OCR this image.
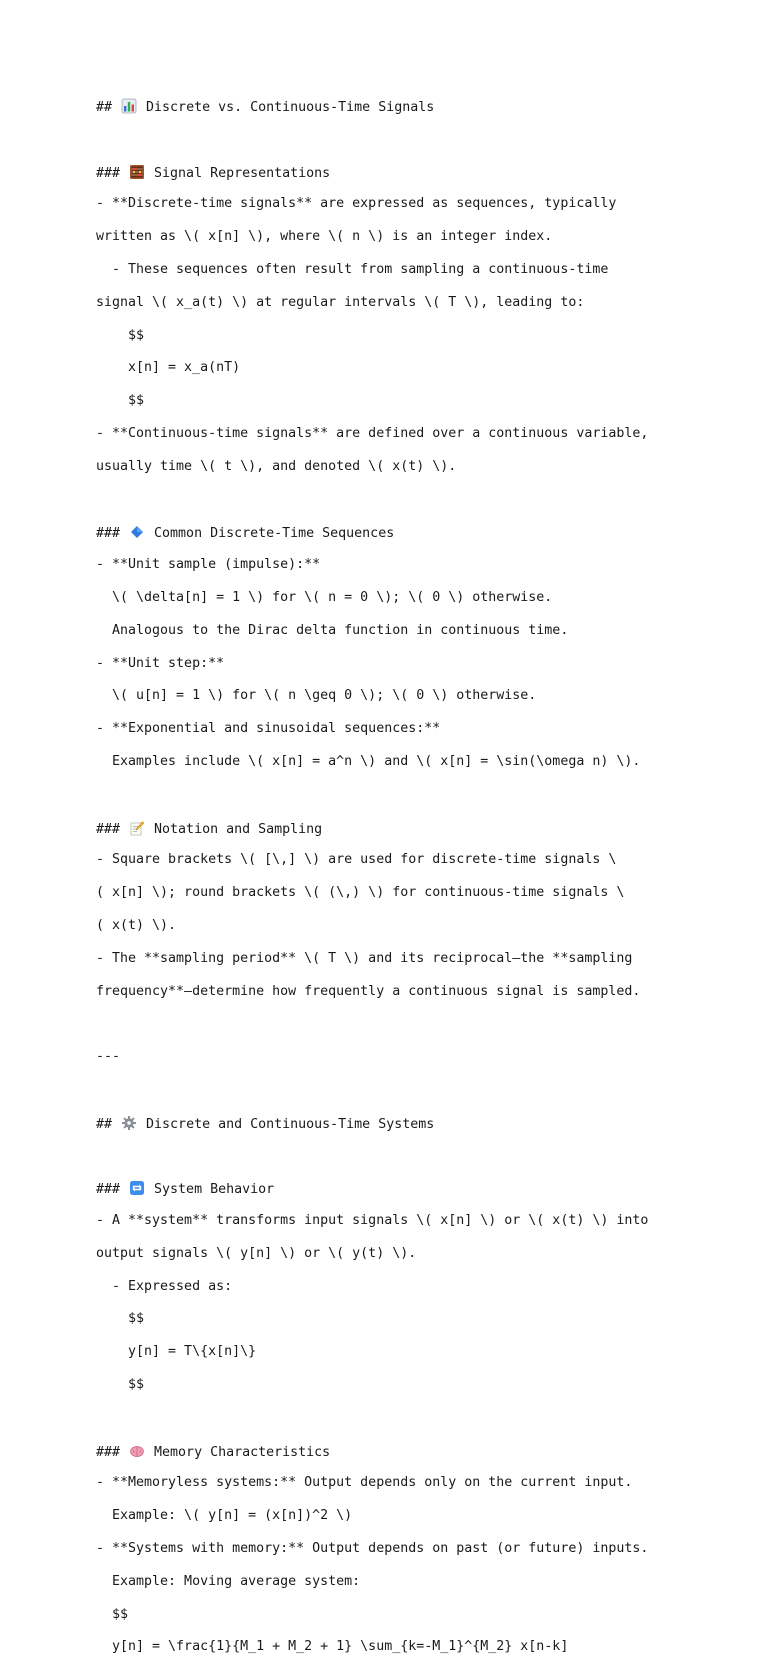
##
Discrete vs. Continuous-Time Signals

###
Signal Representations

- **Discrete-time signals** are expressed as sequences, typically

written as \( x[n] \), where \( n \) is an integer index.

- These sequences often result from sampling a continuous-time

signal \( x_a(t) \) at regular intervals \( T \), leading to:

$$

x[n] = x_a(nT)

$$

- **Continuous-time signals** are defined over a continuous variable,

usually time \( t \), and denoted \( x(t) \).

###
Common Discrete-Time Sequences

- **Unit sample (impulse):**

\( \delta[n] = 1 \) for \( n = 0 \); \( 0 \) otherwise.

Analogous to the Dirac delta function in continuous time.

- **Unit step:**

\( u[n] = 1 \) for \( n \geq 0 \); \( 0 \) otherwise.

- **Exponential and sinusoidal sequences:**

Examples include \( x[n] = a^n \) and \( x[n] = \sin(\omega n) \).

###
Notation and Sampling

- Square brackets \( [\,] \) are used for discrete-time signals \

( x[n] \); round brackets \( (\,) \) for continuous-time signals \

( x(t) \).

- The **sampling period** \( T \) and its reciprocal—the **sampling

frequency**—determine how frequently a continuous signal is sampled.

---

##
Discrete and Continuous-Time Systems

###
System Behavior

- A **system** transforms input signals \( x[n] \) or \( x(t) \) into

output signals \( y[n] \) or \( y(t) \).

- Expressed as:

$$

y[n] = T\{x[n]\}

$$

###
Memory Characteristics

- **Memoryless systems:** Output depends only on the current input.

Example: \( y[n] = (x[n])^2 \)

- **Systems with memory:** Output depends on past (or future) inputs.

Example: Moving average system:

$$

y[n] = \frac{1}{M_1 + M_2 + 1} \sum_{k=-M_1}^{M_2} x[n-k]
